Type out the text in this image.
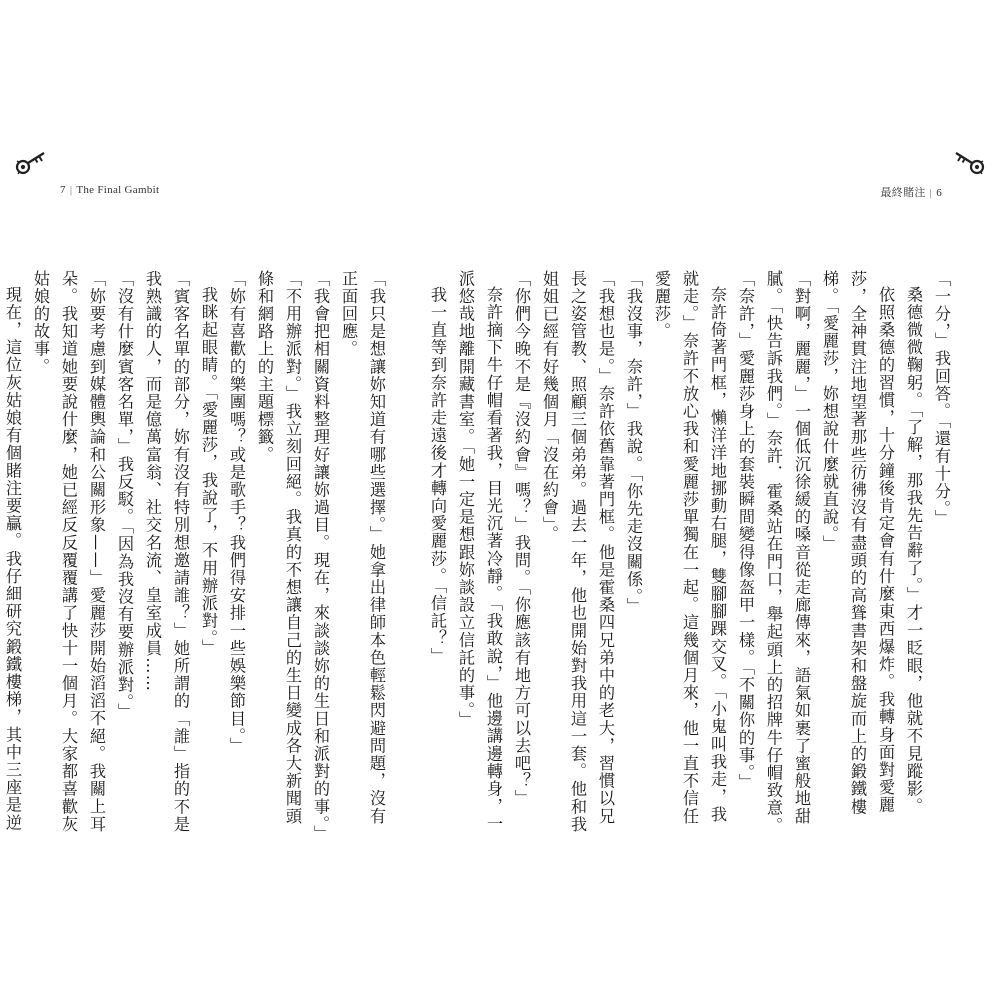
7 | The Final Gambit

「我只是想讓妳知道有哪些選擇。」她拿出律師本色輕鬆閃避問題，沒有正面回應。

「我會把相關資料整理好讓妳過目。現在，來談談妳的生日和派對的事。」

「不用辦派對。」我立刻回絕。我真的不想讓自己的生日變成各大新聞頭條和網路上的主題標籤。

「妳有喜歡的樂團嗎？或是歌手？我們得安排一些娛樂節目。」

我眯起眼睛。「愛麗莎，我說了，不用辦派對。」

「賓客名單的部分，妳有沒有特別想邀請誰？」她所謂的「誰」指的不是我熟識的人，而是億萬富翁、社交名流、皇室成員……

「沒有什麼賓客名單，」我反駁。「因為我沒有要辦派對。」

「妳要考慮到媒體輿論和公關形象——」愛麗莎開始滔滔不絕。我關上耳朵。我知道她要說什麼，她已經反反覆覆講了快十一個月。大家都喜歡灰姑娘的故事。

現在，這位灰姑娘有個賭注要贏。我仔細研究鍛鐵樓梯，其中三座是逆

最終賭注 | 6

「一分，」我回答。「還有十分。」

桑德微微鞠躬。「了解，那我先告辭了。」才一眨眼，他就不見蹤影。

依照桑德的習慣，十分鐘後肯定會有什麼東西爆炸。我轉身面對愛麗莎，全神貫注地望著那些彷彿沒有盡頭的高聳書架和盤旋而上的鍛鐵樓梯。「愛麗莎，妳想說什麼就直說。」

「對啊，麗麗，」一個低沉徐緩的嗓音從走廊傳來，語氣如裹了蜜般地甜膩。「快告訴我們。」奈許．霍桑站在門口，舉起頭上的招牌牛仔帽致意。

「奈許，」愛麗莎身上的套裝瞬間變得像盔甲一樣。「不關你的事。」

奈許倚著門框，懶洋洋地挪動右腿，雙腳腳踝交叉。「小鬼叫我走，我就走。」奈許不放心我和愛麗莎單獨在一起。這幾個月來，他一直不信任愛麗莎。

「我沒事，奈許，」我說。「你先走沒關係。」

「我想也是。」奈許依舊靠著門框。他是霍桑四兄弟中的老大，習慣以兄長之姿管教、照顧三個弟弟。過去一年，他也開始對我用這一套。他和我姐姐已經有好幾個月「沒在約會」。

「你們今晚不是『沒約會』嗎？」我問。「你應該有地方可以去吧？」

奈許摘下牛仔帽看著我，目光沉著冷靜。「我敢說，」他邊講邊轉身，一派悠哉地離開藏書室。「她一定是想跟妳談設立信託的事。」

我一直等到奈許走遠後才轉向愛麗莎。「信託？」
